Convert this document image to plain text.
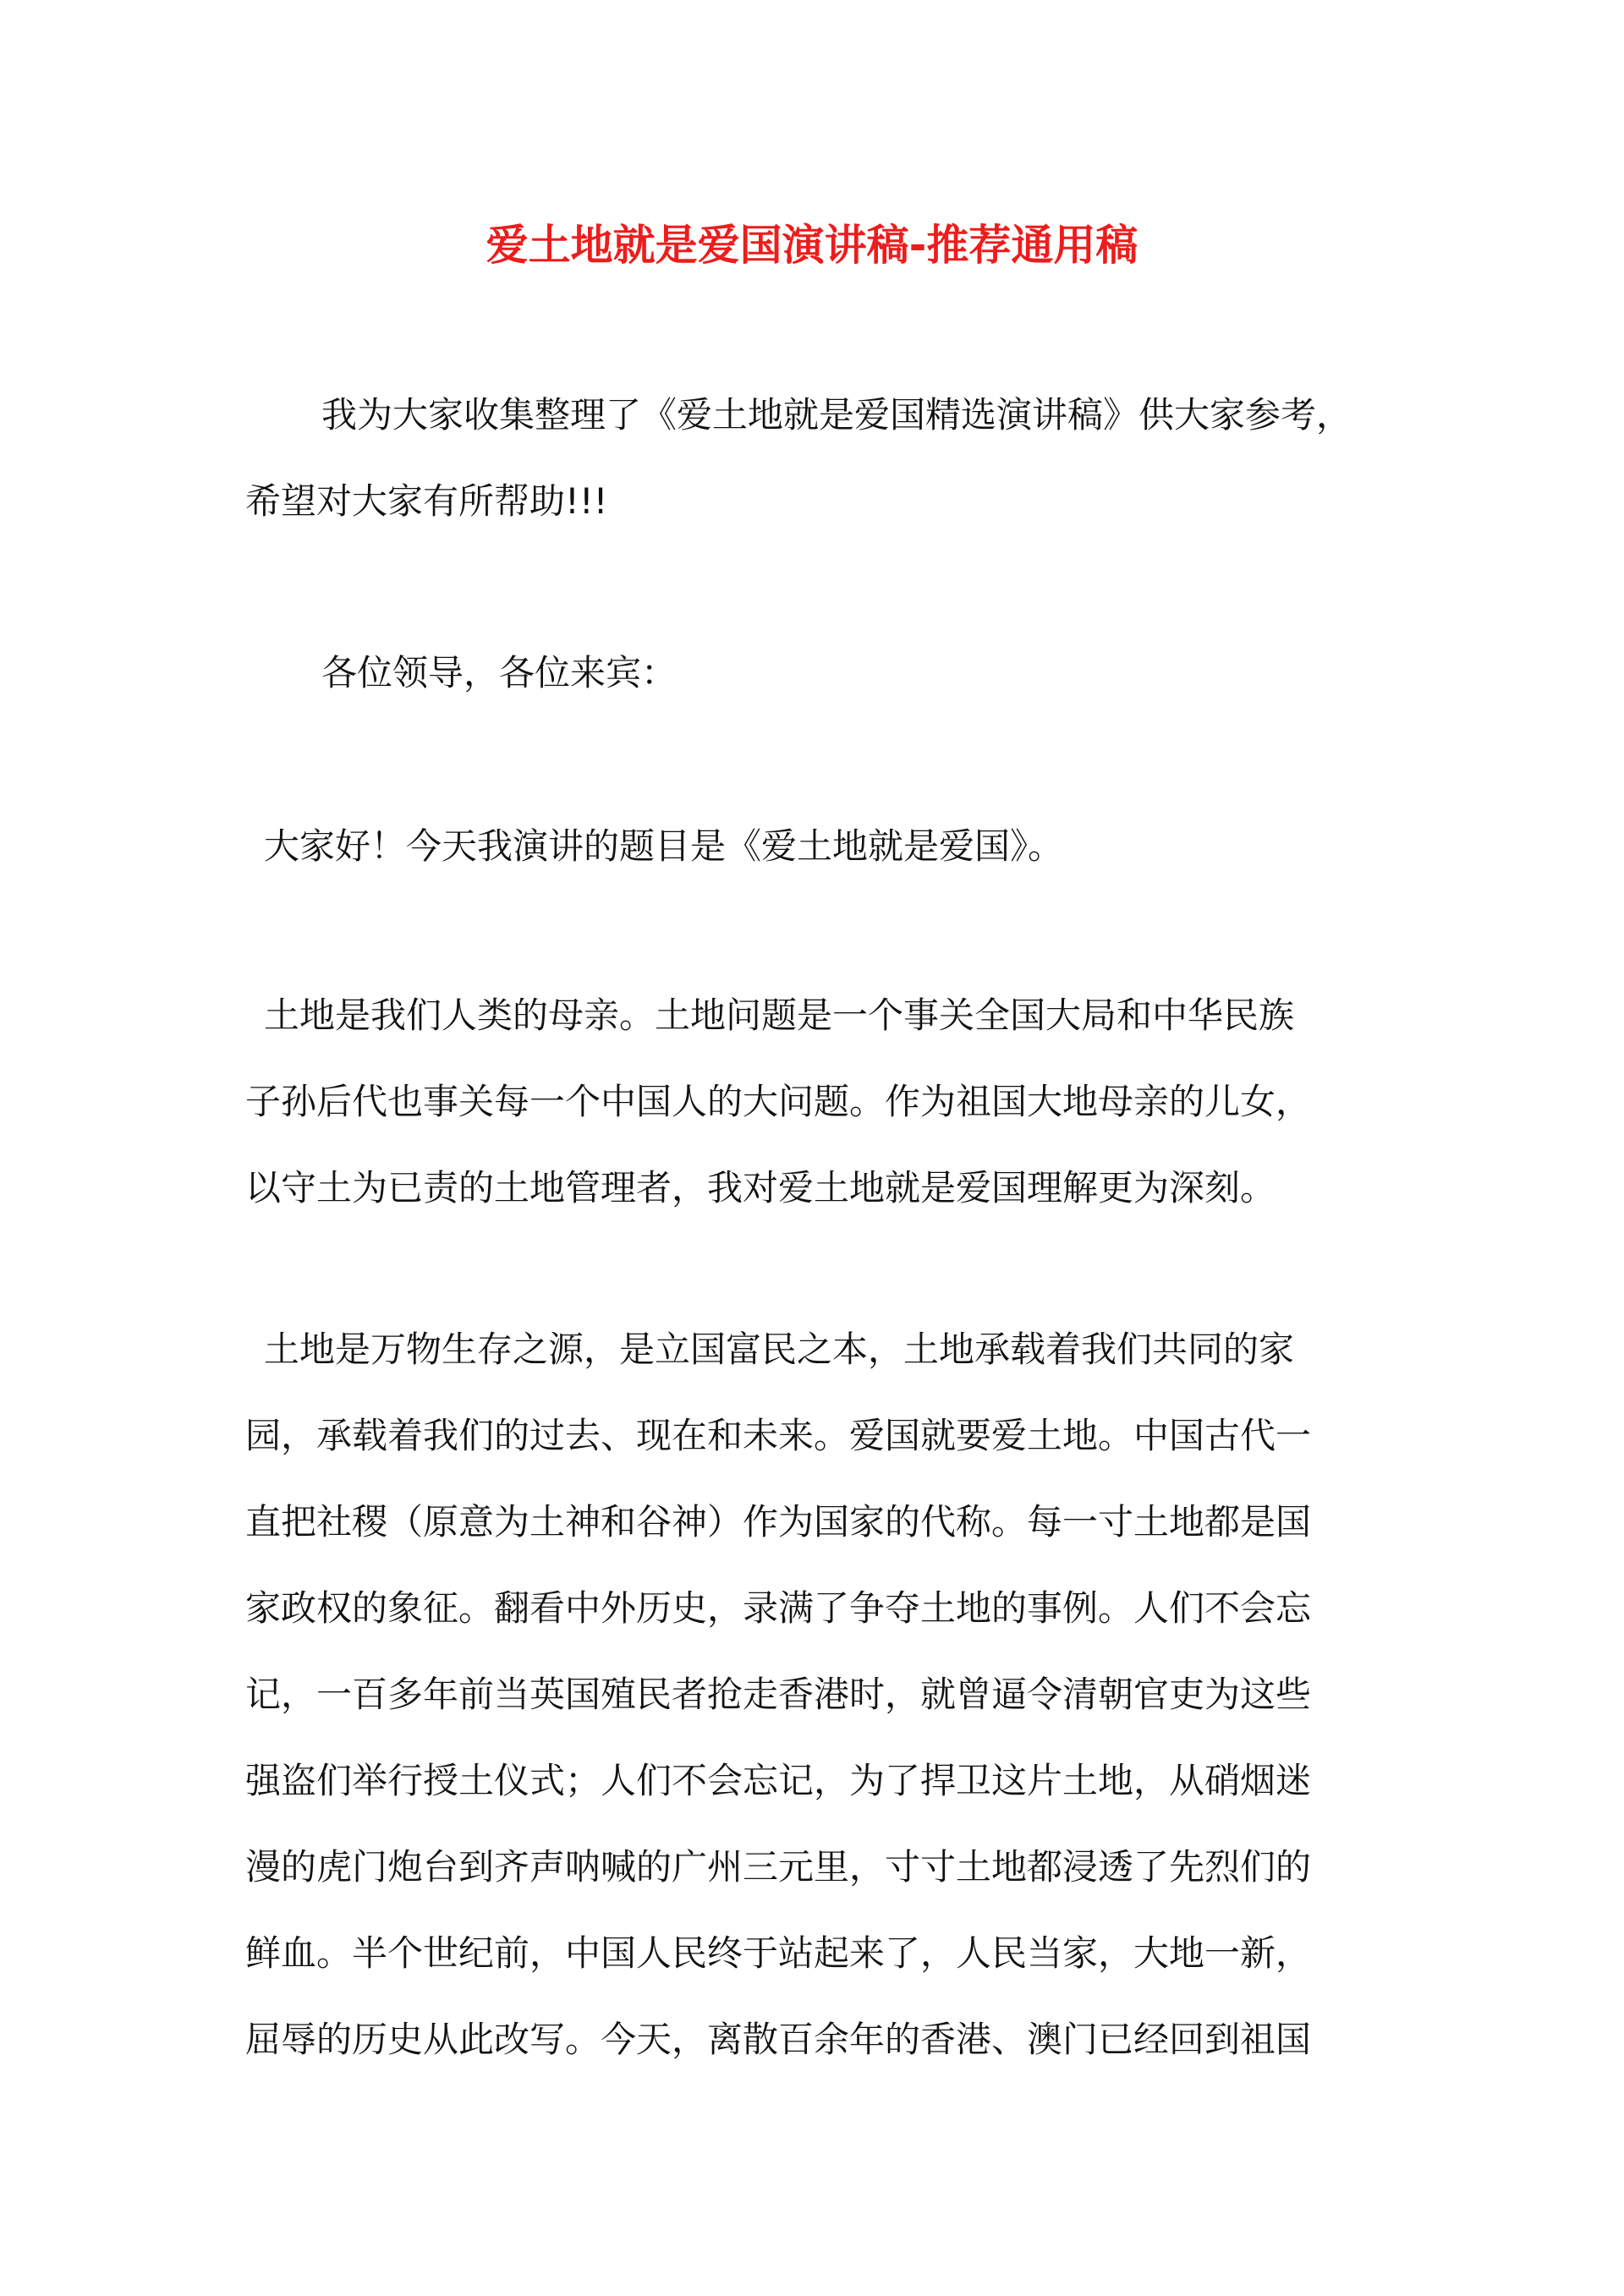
爱土地就是爱国演讲稿-推荐通用稿
我为大家收集整理了《爱土地就是爱国精选演讲稿》供大家参考，
希望对大家有所帮助!!!
各位领导，各位来宾：
大家好！今天我演讲的题目是《爱土地就是爱国》。
土地是我们人类的母亲。土地问题是一个事关全国大局和中华民族
子孙后代也事关每一个中国人的大问题。作为祖国大地母亲的儿女，
以守土为已责的土地管理者，我对爱土地就是爱国理解更为深刻。
土地是万物生存之源，是立国富民之本，土地承载着我们共同的家
园，承载着我们的过去、现在和未来。爱国就要爱土地。中国古代一
直把社稷（原意为土神和谷神）作为国家的代称。每一寸土地都是国
家政权的象征。翻看中外历史，录满了争夺土地的事例。人们不会忘
记，一百多年前当英国殖民者抢走香港时，就曾逼令清朝官吏为这些
强盗们举行授土仪式；人们不会忘记，为了捍卫这片土地，从硝烟迷
漫的虎门炮台到齐声呐喊的广州三元里，寸寸土地都浸透了先烈们的
鲜血。半个世纪前，中国人民终于站起来了，人民当家，大地一新，
屈辱的历史从此改写。今天，离散百余年的香港、澳门已经回到祖国
